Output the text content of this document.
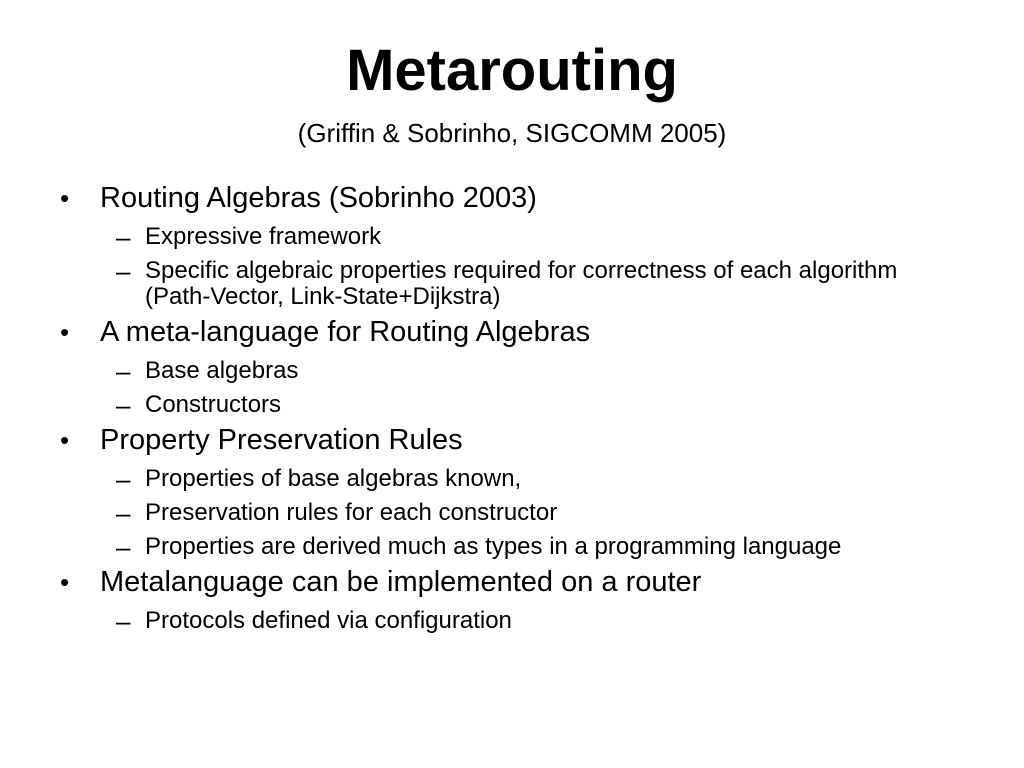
Metarouting
(Griffin & Sobrinho, SIGCOMM 2005)
• Routing Algebras (Sobrinho 2003)
– Expressive framework
– Specific algebraic properties required for correctness of each algorithm (Path-Vector, Link-State+Dijkstra)
• A meta-language for Routing Algebras
– Base algebras
– Constructors
• Property Preservation Rules
– Properties of base algebras known,
– Preservation rules for each constructor
– Properties are derived much as types in a programming language
• Metalanguage can be implemented on a router
– Protocols defined via configuration
